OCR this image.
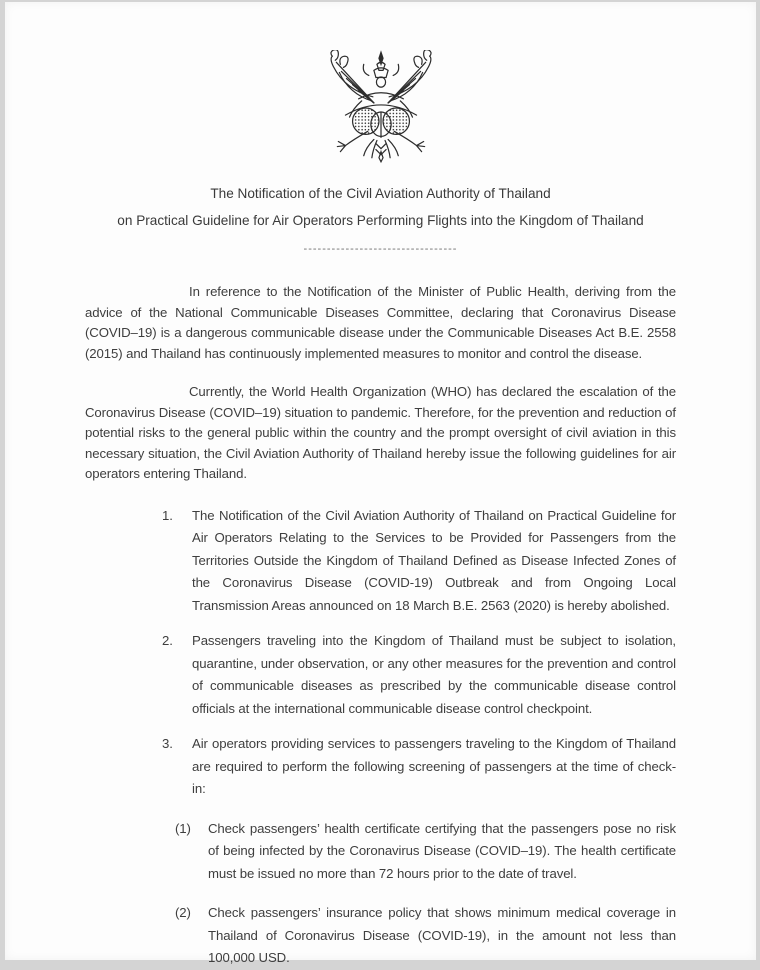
The Notification of the Civil Aviation Authority of Thailand
on Practical Guideline for Air Operators Performing Flights into the Kingdom of Thailand
---------------------------------

In reference to the Notification of the Minister of Public Health, deriving from the advice of the National Communicable Diseases Committee, declaring that Coronavirus Disease (COVID–19) is a dangerous communicable disease under the Communicable Diseases Act B.E. 2558 (2015) and Thailand has continuously implemented measures to monitor and control the disease.

Currently, the World Health Organization (WHO) has declared the escalation of the Coronavirus Disease (COVID–19) situation to pandemic. Therefore, for the prevention and reduction of potential risks to the general public within the country and the prompt oversight of civil aviation in this necessary situation, the Civil Aviation Authority of Thailand hereby issue the following guidelines for air operators entering Thailand.

1.	The Notification of the Civil Aviation Authority of Thailand on Practical Guideline for Air Operators Relating to the Services to be Provided for Passengers from the Territories Outside the Kingdom of Thailand Defined as Disease Infected Zones of the Coronavirus Disease (COVID-19) Outbreak and from Ongoing Local Transmission Areas announced on 18 March B.E. 2563 (2020) is hereby abolished.
2.	Passengers traveling into the Kingdom of Thailand must be subject to isolation, quarantine, under observation, or any other measures for the prevention and control of communicable diseases as prescribed by the communicable disease control officials at the international communicable disease control checkpoint.
3.	Air operators providing services to passengers traveling to the Kingdom of Thailand are required to perform the following screening of passengers at the time of check-in:
(1)	Check passengers’ health certificate certifying that the passengers pose no risk of being infected by the Coronavirus Disease (COVID–19). The health certificate must be issued no more than 72 hours prior to the date of travel.
(2)	Check passengers’ insurance policy that shows minimum medical coverage in Thailand of Coronavirus Disease (COVID-19), in the amount not less than 100,000 USD.
